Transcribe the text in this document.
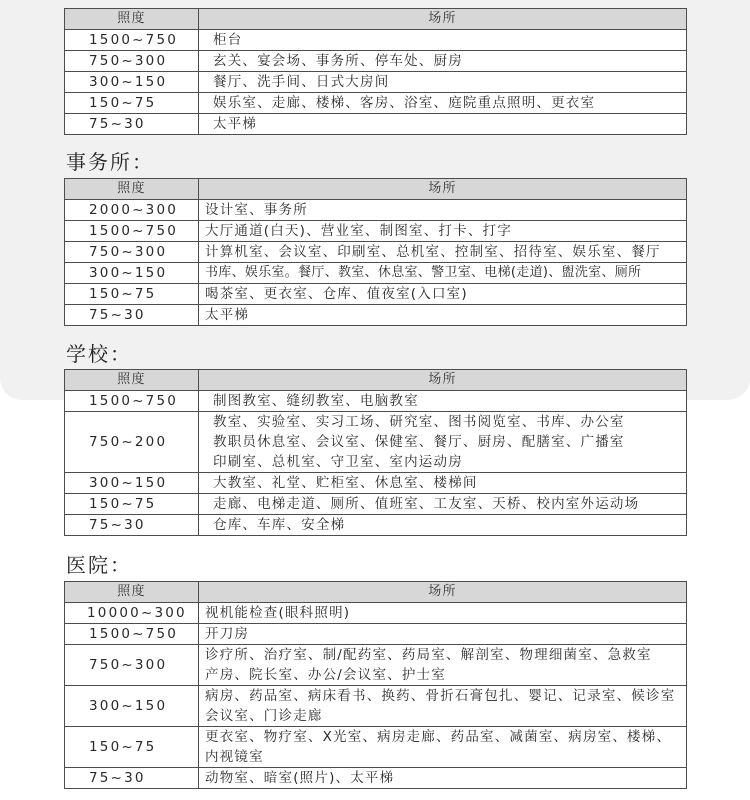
照度	场所
1500~750	柜台

750~300	玄关、宴会场、事务所、停车处、厨房

300~150	餐厅、洗手间、日式大房间

150~75	娱乐室、走廊、楼梯、客房、浴室、庭院重点照明、更衣室

75~30	太平梯
事务所：
照度	场所
2000~300	设计室、事务所

1500~750	大厅通道(白天)、营业室、制图室、打卡、打字

750~300	计算机室、会议室、印刷室、总机室、控制室、招待室、娱乐室、餐厅

300~150	书库、娱乐室。餐厅、教室、休息室、警卫室、电梯(走道)、盥洗室、厕所

150~75	喝茶室、更衣室、仓库、值夜室(入口室)

75~30	太平梯
学校：
照度	场所
1500~750	制图教室、缝纫教室、电脑教室

750~200	教室、实验室、实习工场、研究室、图书阅览室、书库、办公室
教职员休息室、会议室、保健室、餐厅、厨房、配膳室、广播室
印刷室、总机室、守卫室、室内运动房

300~150	大教室、礼堂、贮柜室、休息室、楼梯间

150~75	走廊、电梯走道、厕所、值班室、工友室、天桥、校内室外运动场

75~30	仓库、车库、安全梯
医院：
照度	场所
10000~300	视机能检查(眼科照明)

1500~750	开刀房

750~300	诊疗所、治疗室、制/配药室、药局室、解剖室、物理细菌室、急救室
产房、院长室、办公/会议室、护士室

300~150	病房、药品室、病床看书、换药、骨折石膏包扎、婴记、记录室、候诊室
会议室、门诊走廊

150~75	更衣室、物疗室、X光室、病房走廊、药品室、减菌室、病房室、楼梯、
内视镜室

75~30	动物室、暗室(照片)、太平梯
